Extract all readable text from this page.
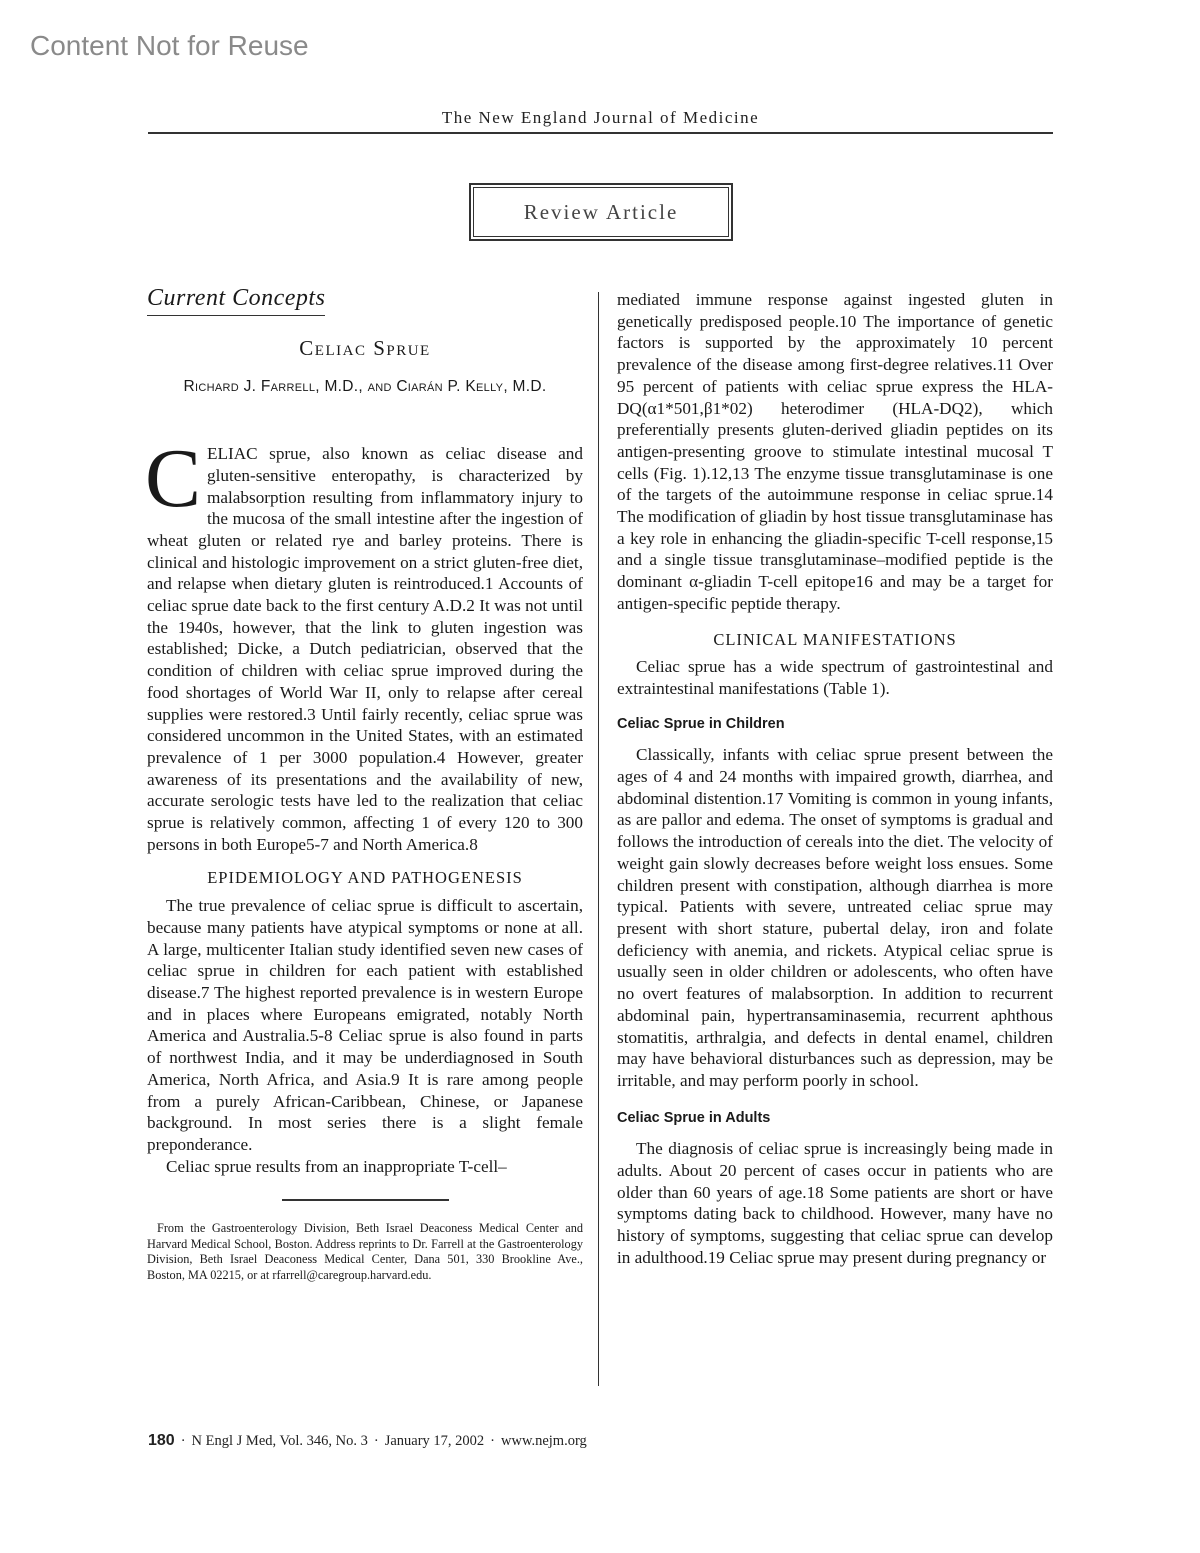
Content Not for Reuse
The New England Journal of Medicine
Review Article
Current Concepts
Celiac Sprue
Richard J. Farrell, M.D., and Ciarán P. Kelly, M.D.

CELIAC sprue, also known as celiac disease and gluten-sensitive enteropathy, is characterized by malabsorption resulting from inflammatory injury to the mucosa of the small intestine after the ingestion of wheat gluten or related rye and barley proteins. There is clinical and histologic improvement on a strict gluten-free diet, and relapse when dietary gluten is reintroduced.1 Accounts of celiac sprue date back to the first century A.D.2 It was not until the 1940s, however, that the link to gluten ingestion was established; Dicke, a Dutch pediatrician, observed that the condition of children with celiac sprue improved during the food shortages of World War II, only to relapse after cereal supplies were restored.3 Until fairly recently, celiac sprue was considered uncommon in the United States, with an estimated prevalence of 1 per 3000 population.4 However, greater awareness of its presentations and the availability of new, accurate serologic tests have led to the realization that celiac sprue is relatively common, affecting 1 of every 120 to 300 persons in both Europe5-7 and North America.8

EPIDEMIOLOGY AND PATHOGENESIS

The true prevalence of celiac sprue is difficult to ascertain, because many patients have atypical symptoms or none at all. A large, multicenter Italian study identified seven new cases of celiac sprue in children for each patient with established disease.7 The highest reported prevalence is in western Europe and in places where Europeans emigrated, notably North America and Australia.5-8 Celiac sprue is also found in parts of northwest India, and it may be underdiagnosed in South America, North Africa, and Asia.9 It is rare among people from a purely African-Caribbean, Chinese, or Japanese background. In most series there is a slight female preponderance.

Celiac sprue results from an inappropriate T-cell–

From the Gastroenterology Division, Beth Israel Deaconess Medical Center and Harvard Medical School, Boston. Address reprints to Dr. Farrell at the Gastroenterology Division, Beth Israel Deaconess Medical Center, Dana 501, 330 Brookline Ave., Boston, MA 02215, or at rfarrell@caregroup.harvard.edu.

mediated immune response against ingested gluten in genetically predisposed people.10 The importance of genetic factors is supported by the approximately 10 percent prevalence of the disease among first-degree relatives.11 Over 95 percent of patients with celiac sprue express the HLA-DQ(α1*501,β1*02) heterodimer (HLA-DQ2), which preferentially presents gluten-derived gliadin peptides on its antigen-presenting groove to stimulate intestinal mucosal T cells (Fig. 1).12,13 The enzyme tissue transglutaminase is one of the targets of the autoimmune response in celiac sprue.14 The modification of gliadin by host tissue transglutaminase has a key role in enhancing the gliadin-specific T-cell response,15 and a single tissue transglutaminase–modified peptide is the dominant α-gliadin T-cell epitope16 and may be a target for antigen-specific peptide therapy.

CLINICAL MANIFESTATIONS

Celiac sprue has a wide spectrum of gastrointestinal and extraintestinal manifestations (Table 1).

Celiac Sprue in Children

Classically, infants with celiac sprue present between the ages of 4 and 24 months with impaired growth, diarrhea, and abdominal distention.17 Vomiting is common in young infants, as are pallor and edema. The onset of symptoms is gradual and follows the introduction of cereals into the diet. The velocity of weight gain slowly decreases before weight loss ensues. Some children present with constipation, although diarrhea is more typical. Patients with severe, untreated celiac sprue may present with short stature, pubertal delay, iron and folate deficiency with anemia, and rickets. Atypical celiac sprue is usually seen in older children or adolescents, who often have no overt features of malabsorption. In addition to recurrent abdominal pain, hypertransaminasemia, recurrent aphthous stomatitis, arthralgia, and defects in dental enamel, children may have behavioral disturbances such as depression, may be irritable, and may perform poorly in school.

Celiac Sprue in Adults

The diagnosis of celiac sprue is increasingly being made in adults. About 20 percent of cases occur in patients who are older than 60 years of age.18 Some patients are short or have symptoms dating back to childhood. However, many have no history of symptoms, suggesting that celiac sprue can develop in adulthood.19 Celiac sprue may present during pregnancy or

180 · N Engl J Med, Vol. 346, No. 3 · January 17, 2002 · www.nejm.org
